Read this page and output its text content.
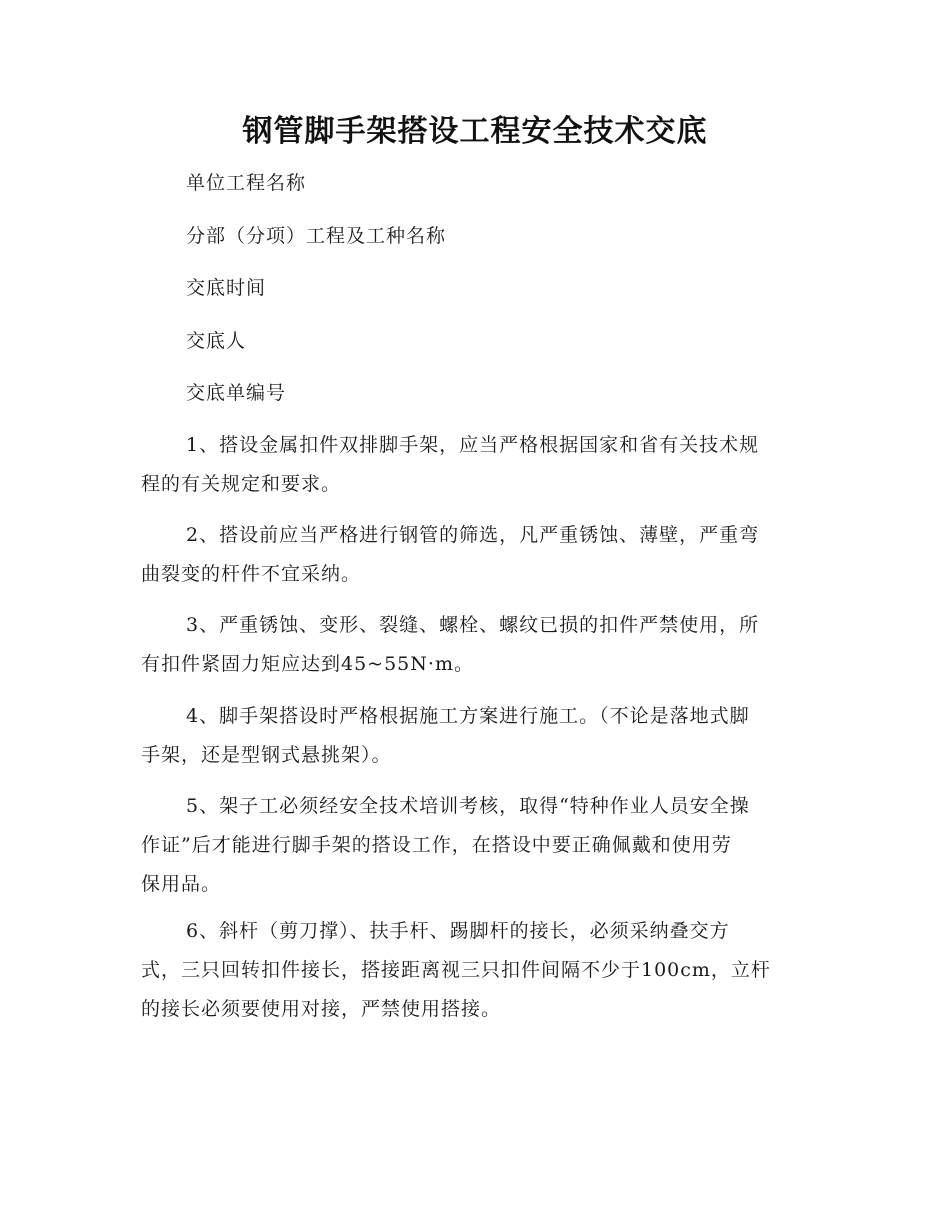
钢管脚手架搭设工程安全技术交底
单位工程名称
分部（分项）工程及工种名称
交底时间
交底人
交底单编号
1、搭设金属扣件双排脚手架，应当严格根据国家和省有关技术规
程的有关规定和要求。
2、搭设前应当严格进行钢管的筛选，凡严重锈蚀、薄壁，严重弯
曲裂变的杆件不宜采纳。
3、严重锈蚀、变形、裂缝、螺栓、螺纹已损的扣件严禁使用，所
有扣件紧固力矩应达到45~55N·m。
4、脚手架搭设时严格根据施工方案进行施工。（不论是落地式脚
手架，还是型钢式悬挑架）。
5、架子工必须经安全技术培训考核，取得“特种作业人员安全操
作证”后才能进行脚手架的搭设工作，在搭设中要正确佩戴和使用劳
保用品。
6、斜杆（剪刀撑）、扶手杆、踢脚杆的接长，必须采纳叠交方
式，三只回转扣件接长，搭接距离视三只扣件间隔不少于100cm，立杆
的接长必须要使用对接，严禁使用搭接。
